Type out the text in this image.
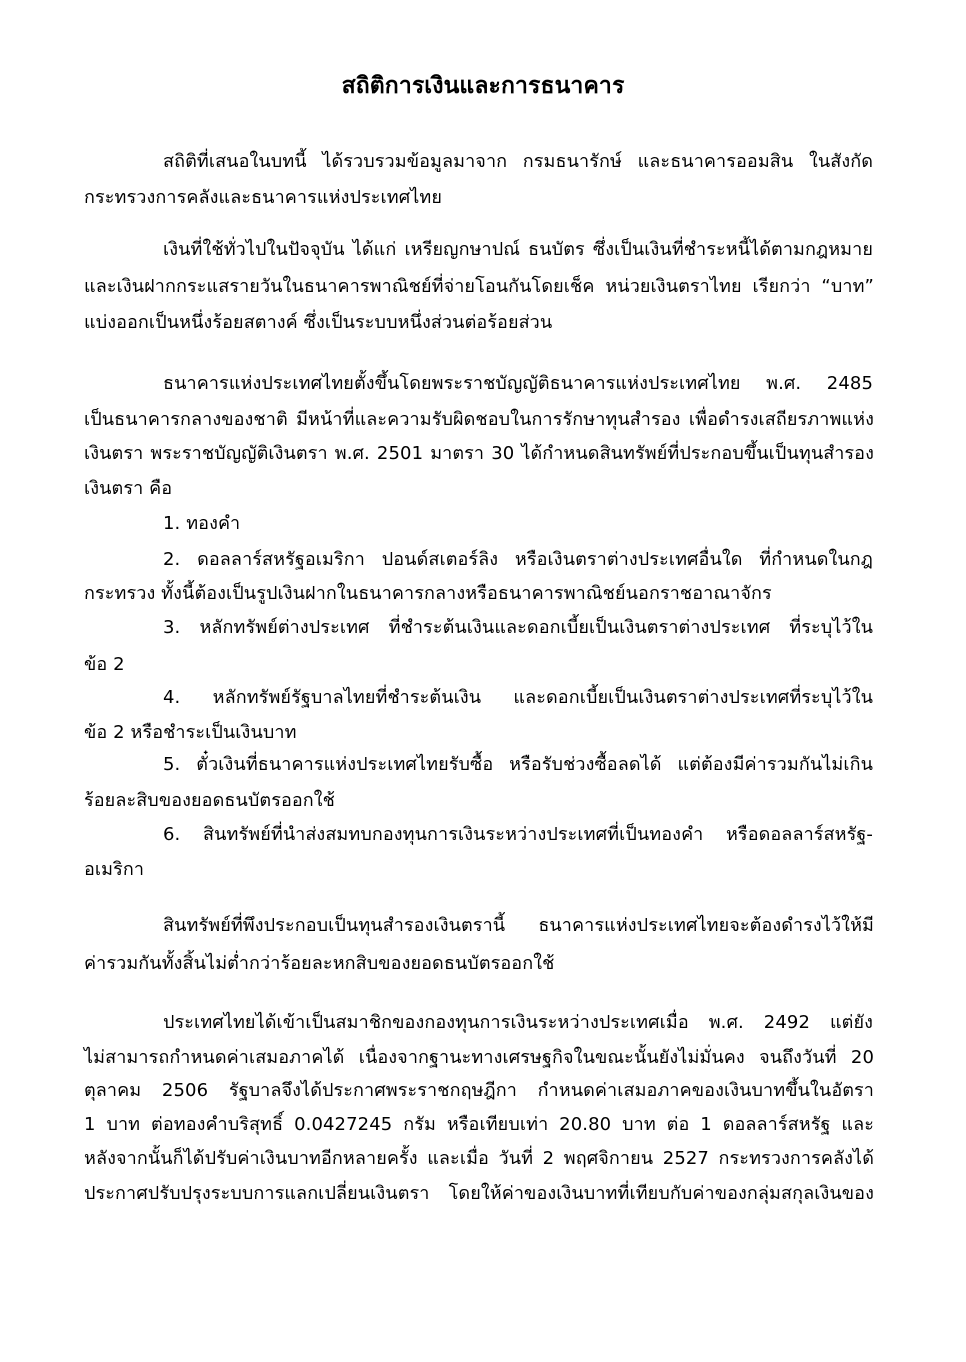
สถิติการเงินและการธนาคาร
สถิติที่เสนอในบทนี้ ได้รวบรวมข้อมูลมาจาก กรมธนารักษ์ และธนาคารออมสิน ในสังกัด
กระทรวงการคลังและธนาคารแห่งประเทศไทย
เงินที่ใช้ทั่วไปในปัจจุบัน ได้แก่ เหรียญกษาปณ์ ธนบัตร ซึ่งเป็นเงินที่ชำระหนี้ได้ตามกฎหมาย
และเงินฝากกระแสรายวันในธนาคารพาณิชย์ที่จ่ายโอนกันโดยเช็ค หน่วยเงินตราไทย เรียกว่า “บาท”
แบ่งออกเป็นหนึ่งร้อยสตางค์ ซึ่งเป็นระบบหนึ่งส่วนต่อร้อยส่วน
ธนาคารแห่งประเทศไทยตั้งขึ้นโดยพระราชบัญญัติธนาคารแห่งประเทศไทย พ.ศ. 2485
เป็นธนาคารกลางของชาติ มีหน้าที่และความรับผิดชอบในการรักษาทุนสำรอง เพื่อดำรงเสถียรภาพแห่ง
เงินตรา พระราชบัญญัติเงินตรา พ.ศ. 2501 มาตรา 30 ได้กำหนดสินทรัพย์ที่ประกอบขึ้นเป็นทุนสำรอง
เงินตรา คือ
1. ทองคำ
2. ดอลลาร์สหรัฐอเมริกา ปอนด์สเตอร์ลิง หรือเงินตราต่างประเทศอื่นใด ที่กำหนดในกฎ
กระทรวง ทั้งนี้ต้องเป็นรูปเงินฝากในธนาคารกลางหรือธนาคารพาณิชย์นอกราชอาณาจักร
3. หลักทรัพย์ต่างประเทศ ที่ชำระต้นเงินและดอกเบี้ยเป็นเงินตราต่างประเทศ ที่ระบุไว้ใน
ข้อ 2
4. หลักทรัพย์รัฐบาลไทยที่ชำระต้นเงิน และดอกเบี้ยเป็นเงินตราต่างประเทศที่ระบุไว้ใน
ข้อ 2 หรือชำระเป็นเงินบาท
5. ตั๋วเงินที่ธนาคารแห่งประเทศไทยรับซื้อ หรือรับช่วงซื้อลดได้ แต่ต้องมีค่ารวมกันไม่เกิน
ร้อยละสิบของยอดธนบัตรออกใช้
6. สินทรัพย์ที่นำส่งสมทบกองทุนการเงินระหว่างประเทศที่เป็นทองคำ หรือดอลลาร์สหรัฐ-
อเมริกา
สินทรัพย์ที่พึงประกอบเป็นทุนสำรองเงินตรานี้ ธนาคารแห่งประเทศไทยจะต้องดำรงไว้ให้มี
ค่ารวมกันทั้งสิ้นไม่ต่ำกว่าร้อยละหกสิบของยอดธนบัตรออกใช้
ประเทศไทยได้เข้าเป็นสมาชิกของกองทุนการเงินระหว่างประเทศเมื่อ พ.ศ. 2492 แต่ยัง
ไม่สามารถกำหนดค่าเสมอภาคได้ เนื่องจากฐานะทางเศรษฐกิจในขณะนั้นยังไม่มั่นคง จนถึงวันที่ 20
ตุลาคม 2506 รัฐบาลจึงได้ประกาศพระราชกฤษฎีกา กำหนดค่าเสมอภาคของเงินบาทขึ้นในอัตรา
1 บาท ต่อทองคำบริสุทธิ์ 0.0427245 กรัม หรือเทียบเท่า 20.80 บาท ต่อ 1 ดอลลาร์สหรัฐ และ
หลังจากนั้นก็ได้ปรับค่าเงินบาทอีกหลายครั้ง และเมื่อ วันที่ 2 พฤศจิกายน 2527 กระทรวงการคลังได้
ประกาศปรับปรุงระบบการแลกเปลี่ยนเงินตรา โดยให้ค่าของเงินบาทที่เทียบกับค่าของกลุ่มสกุลเงินของ
